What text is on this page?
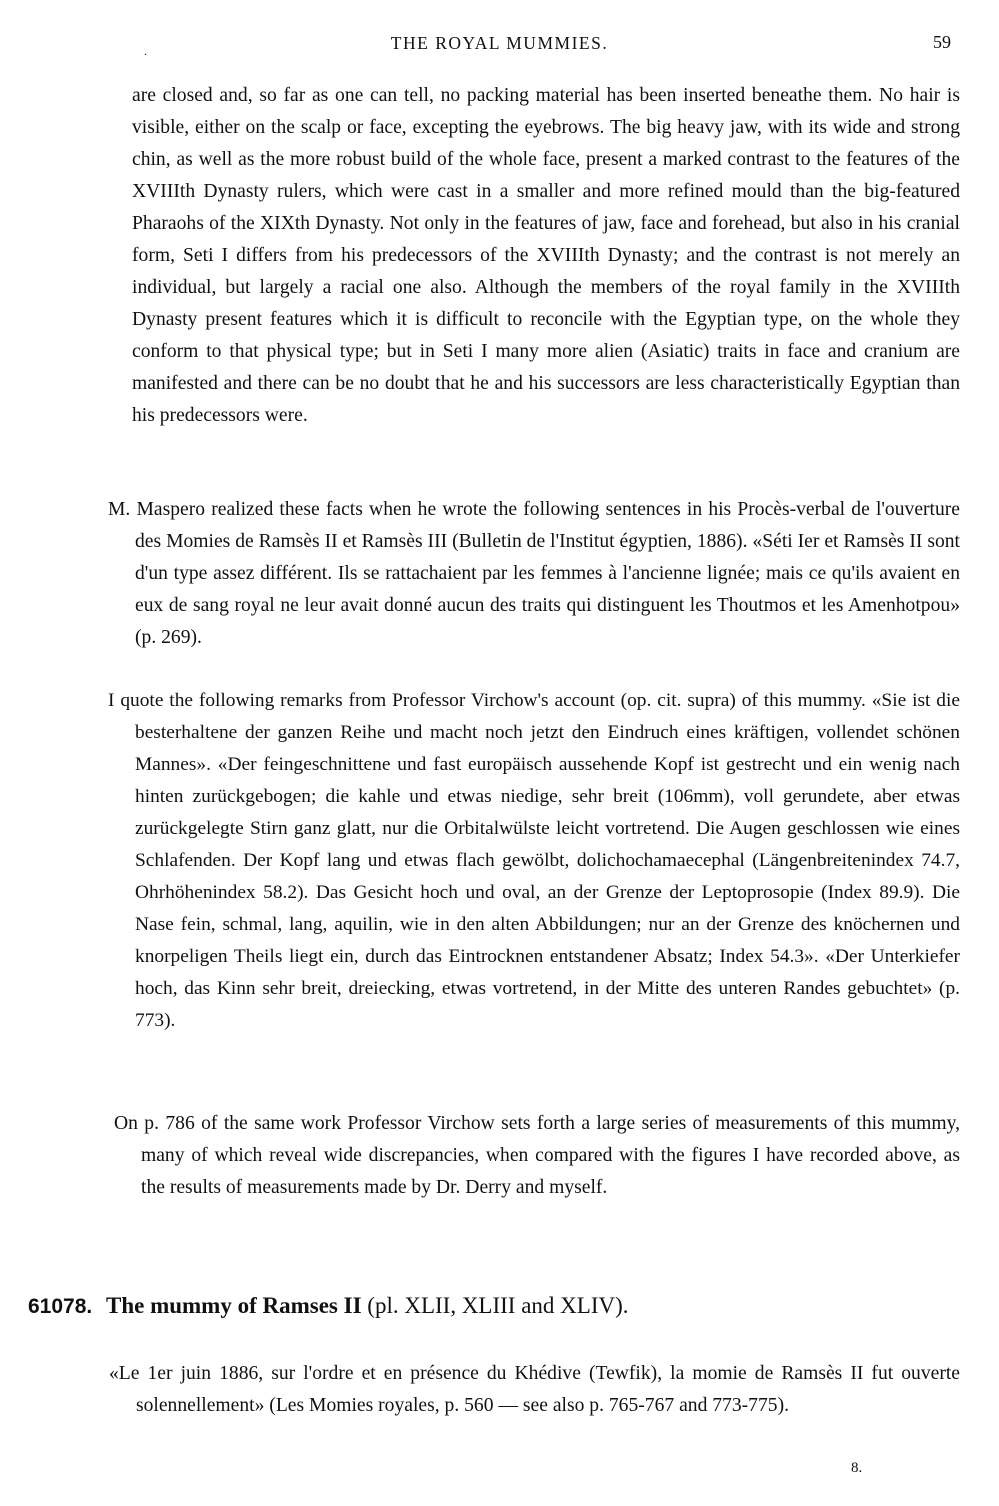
.	THE ROYAL MUMMIES.	59

are closed and, so far as one can tell, no packing material has been inserted beneathe them. No hair is visible, either on the scalp or face, excepting the eyebrows. The big heavy jaw, with its wide and strong chin, as well as the more robust build of the whole face, present a marked contrast to the features of the XVIIIth Dynasty rulers, which were cast in a smaller and more refined mould than the big-featured Pharaohs of the XIXth Dynasty. Not only in the features of jaw, face and forehead, but also in his cranial form, Seti I differs from his predecessors of the XVIIIth Dynasty; and the contrast is not merely an individual, but largely a racial one also. Although the members of the royal family in the XVIIIth Dynasty present features which it is difficult to reconcile with the Egyptian type, on the whole they conform to that physical type; but in Seti I many more alien (Asiatic) traits in face and cranium are manifested and there can be no doubt that he and his successors are less characteristically Egyptian than his predecessors were.

M. Maspero realized these facts when he wrote the following sentences in his Procès-verbal de l'ouverture des Momies de Ramsès II et Ramsès III (Bulletin de l'Institut égyptien, 1886). «Séti Ier et Ramsès II sont d'un type assez différent. Ils se rattachaient par les femmes à l'ancienne lignée; mais ce qu'ils avaient en eux de sang royal ne leur avait donné aucun des traits qui distinguent les Thoutmos et les Amenhotpou» (p. 269).

I quote the following remarks from Professor Virchow's account (op. cit. supra) of this mummy. «Sie ist die besterhaltene der ganzen Reihe und macht noch jetzt den Eindruch eines kräftigen, vollendet schönen Mannes». «Der feingeschnittene und fast europäisch aussehende Kopf ist gestrecht und ein wenig nach hinten zurückgebogen; die kahle und etwas niedige, sehr breit (106mm), voll gerundete, aber etwas zurückgelegte Stirn ganz glatt, nur die Orbitalwülste leicht vortretend. Die Augen geschlossen wie eines Schlafenden. Der Kopf lang und etwas flach gewölbt, dolichochamaecephal (Längenbreitenindex 74.7, Ohrhöhenindex 58.2). Das Gesicht hoch und oval, an der Grenze der Leptoprosopie (Index 89.9). Die Nase fein, schmal, lang, aquilin, wie in den alten Abbildungen; nur an der Grenze des knöchernen und knorpeligen Theils liegt ein, durch das Eintrocknen entstandener Absatz; Index 54.3». «Der Unterkiefer hoch, das Kinn sehr breit, dreiecking, etwas vortretend, in der Mitte des unteren Randes gebuchtet» (p. 773).

On p. 786 of the same work Professor Virchow sets forth a large series of measurements of this mummy, many of which reveal wide discrepancies, when compared with the figures I have recorded above, as the results of measurements made by Dr. Derry and myself.

61078. The mummy of Ramses II (pl. XLII, XLIII and XLIV).

«Le 1er juin 1886, sur l'ordre et en présence du Khédive (Tewfik), la momie de Ramsès II fut ouverte solennellement» (Les Momies royales, p. 560 — see also p. 765-767 and 773-775).

8.
